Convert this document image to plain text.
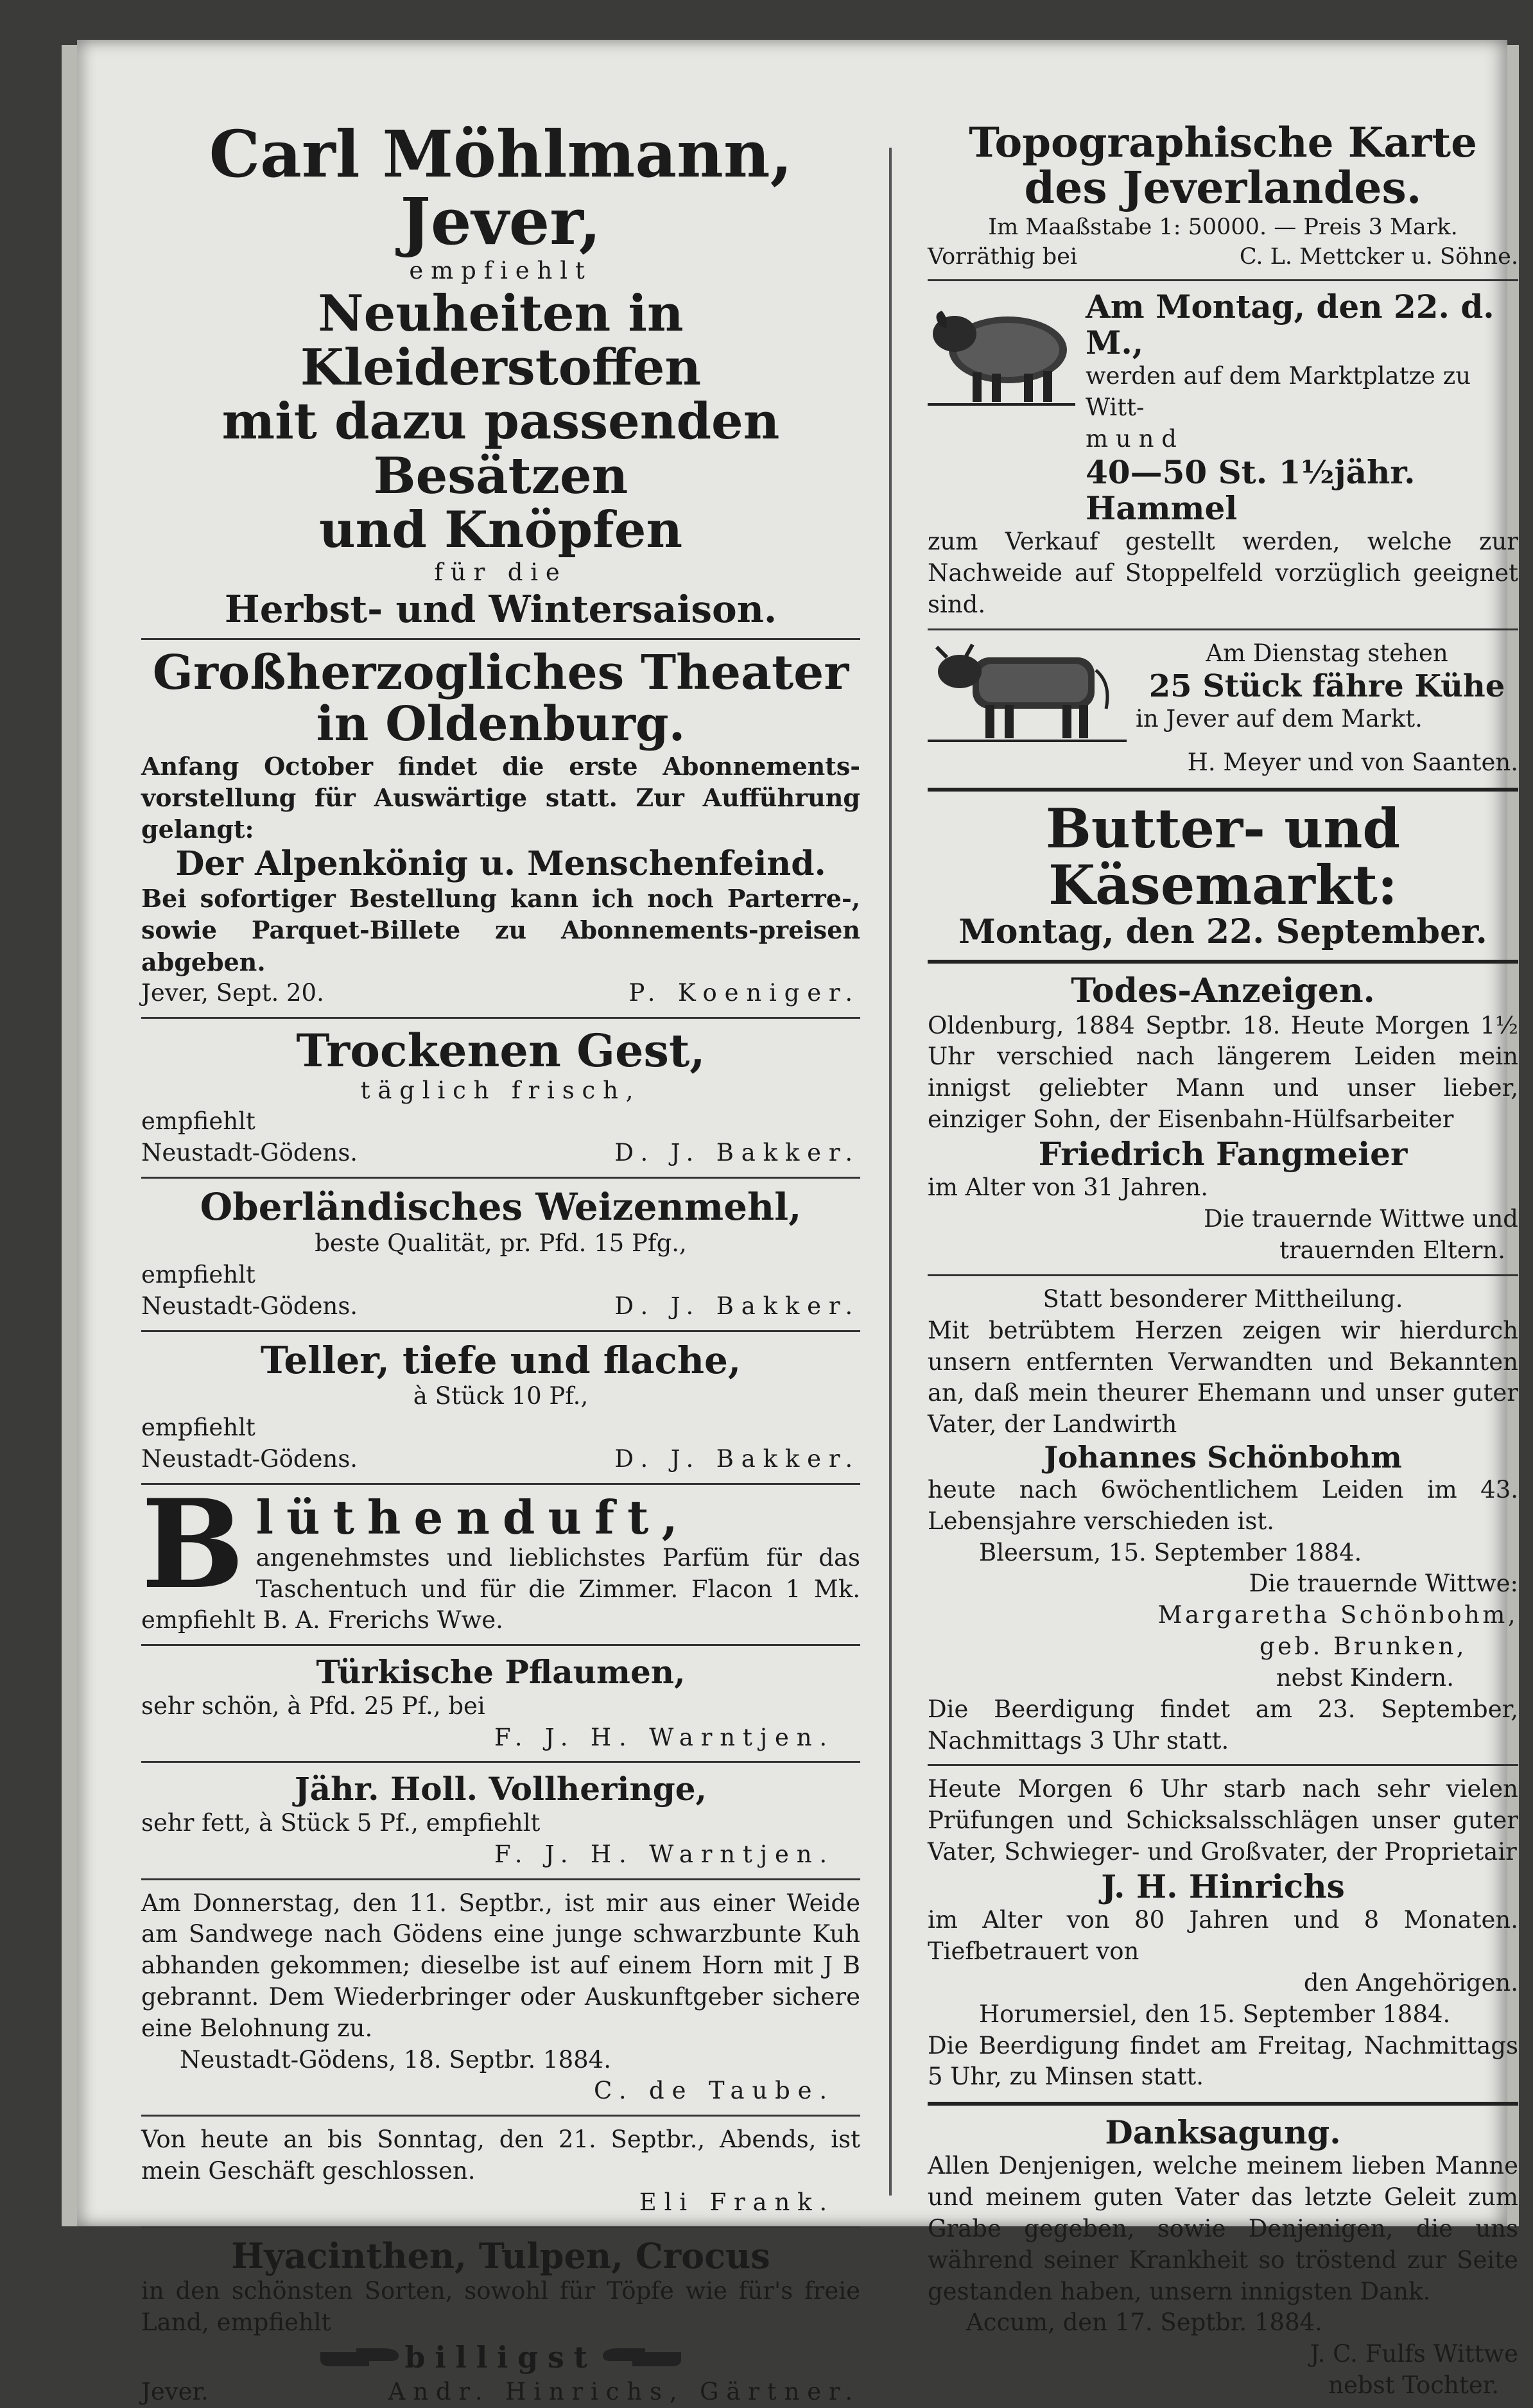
Carl Möhlmann, Jever,
empfiehlt
Neuheiten in Kleiderstoffen
mit dazu passenden Besätzen
und Knöpfen
für die
Herbst- und Wintersaison.
Großherzogliches Theater
in Oldenburg.
Anfang October findet die erste Abonnements-vorstellung für Auswärtige statt. Zur Aufführung gelangt:
Der Alpenkönig u. Menschenfeind.
Bei sofortiger Bestellung kann ich noch Parterre-, sowie Parquet-Billete zu Abonnements-preisen abgeben.
Jever, Sept. 20.	P. Koeniger.
Trockenen Gest,
täglich frisch,
empfiehlt
Neustadt-Gödens.	D. J. Bakker.
Oberländisches Weizenmehl,
beste Qualität, pr. Pfd. 15 Pfg.,
empfiehlt
Neustadt-Gödens.	D. J. Bakker.
Teller, tiefe und flache,
à Stück 10 Pf.,
empfiehlt
Neustadt-Gödens.	D. J. Bakker.
B lüthenduft,
angenehmstes und lieblichstes Parfüm für das Taschentuch und für die Zimmer. Flacon 1 Mk. empfiehlt B. A. Frerichs Wwe.
Türkische Pflaumen,
sehr schön, à Pfd. 25 Pf., bei
F. J. H. Warntjen.
Jähr. Holl. Vollheringe,
sehr fett, à Stück 5 Pf., empfiehlt
F. J. H. Warntjen.
Am Donnerstag, den 11. Septbr., ist mir aus einer Weide am Sandwege nach Gödens eine junge schwarzbunte Kuh abhanden gekommen; dieselbe ist auf einem Horn mit J B gebrannt. Dem Wiederbringer oder Auskunftgeber sichere eine Belohnung zu.
Neustadt-Gödens, 18. Septbr. 1884.
C. de Taube.
Von heute an bis Sonntag, den 21. Septbr., Abends, ist mein Geschäft geschlossen.
Eli Frank.
Hyacinthen, Tulpen, Crocus
in den schönsten Sorten, sowohl für Töpfe wie für's freie Land, empfiehlt
billigst
Jever.	Andr. Hinrichs, Gärtner.
Topographische Karte
des Jeverlandes.
Im Maaßstabe 1: 50000. — Preis 3 Mark.
Vorräthig bei	C. L. Mettcker u. Söhne.
Am Montag, den 22. d. M.,
werden auf dem Marktplatze zu Witt-
mund
40—50 St. 1½jähr. Hammel
zum Verkauf gestellt werden, welche zur Nachweide auf Stoppelfeld vorzüglich geeignet sind.
Am Dienstag stehen
25 Stück fähre Kühe
in Jever auf dem Markt.
H. Meyer und von Saanten.
Butter- und Käsemarkt:
Montag, den 22. September.
Todes-Anzeigen.
Oldenburg, 1884 Septbr. 18. Heute Morgen 1½ Uhr verschied nach längerem Leiden mein innigst geliebter Mann und unser lieber, einziger Sohn, der Eisenbahn-Hülfsarbeiter
Friedrich Fangmeier
im Alter von 31 Jahren.
Die trauernde Wittwe und
trauernden Eltern.
Statt besonderer Mittheilung.
Mit betrübtem Herzen zeigen wir hierdurch unsern entfernten Verwandten und Bekannten an, daß mein theurer Ehemann und unser guter Vater, der Landwirth
Johannes Schönbohm
heute nach 6wöchentlichem Leiden im 43. Lebensjahre verschieden ist.
Bleersum, 15. September 1884.
Die trauernde Wittwe:
Margaretha Schönbohm,
geb. Brunken,
nebst Kindern.
Die Beerdigung findet am 23. September, Nachmittags 3 Uhr statt.
Heute Morgen 6 Uhr starb nach sehr vielen Prüfungen und Schicksalsschlägen unser guter Vater, Schwieger- und Großvater, der Proprietair
J. H. Hinrichs
im Alter von 80 Jahren und 8 Monaten. Tiefbetrauert von
den Angehörigen.
Horumersiel, den 15. September 1884.
Die Beerdigung findet am Freitag, Nachmittags 5 Uhr, zu Minsen statt.
Danksagung.
Allen Denjenigen, welche meinem lieben Manne und meinem guten Vater das letzte Geleit zum Grabe gegeben, sowie Denjenigen, die uns während seiner Krankheit so tröstend zur Seite gestanden haben, unsern innigsten Dank.
Accum, den 17. Septbr. 1884.
J. C. Fulfs Wittwe
nebst Tochter.
